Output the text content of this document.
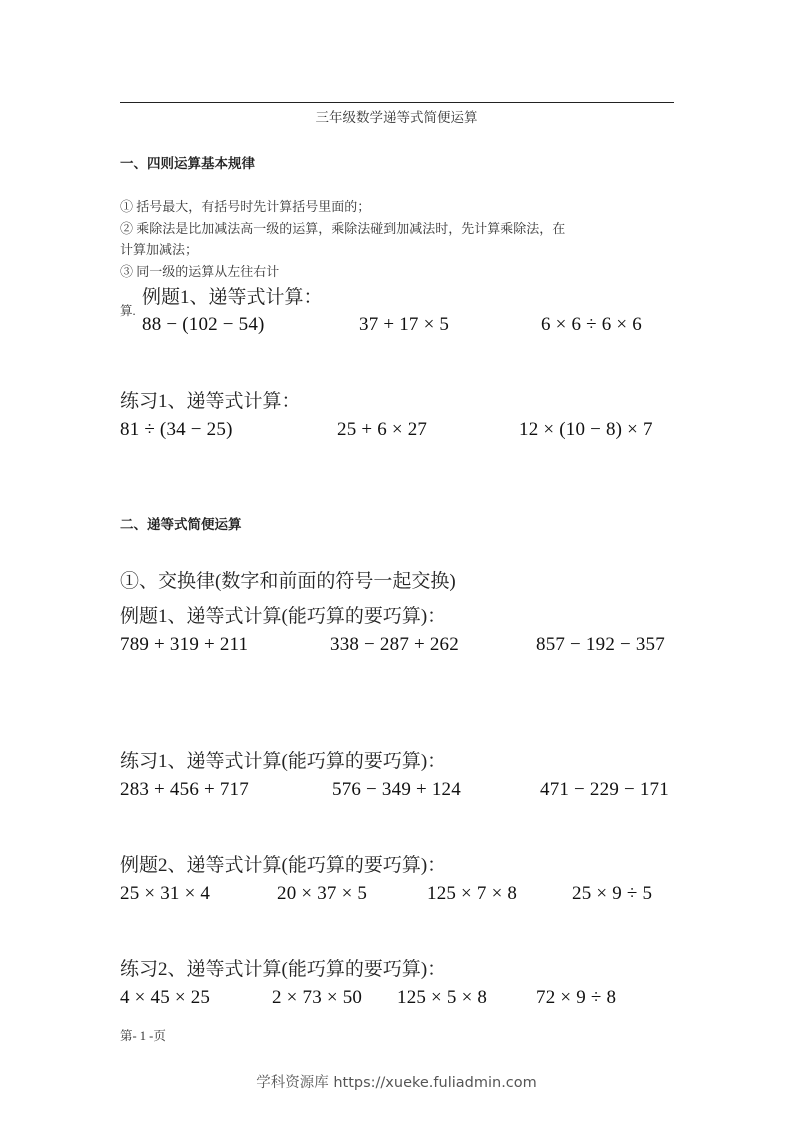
三年级数学递等式简便运算
一、四则运算基本规律
① 括号最大，有括号时先计算括号里面的；
② 乘除法是比加减法高一级的运算，乘除法碰到加减法时，先计算乘除法，在
计算加减法；
③ 同一级的运算从左往右计
例题1、递等式计算：
算.
88 − (102 − 54)	37 + 17 × 5	6 × 6 ÷ 6 × 6
练习1、递等式计算：
81 ÷ (34 − 25)	25 + 6 × 27	12 × (10 − 8) × 7
二、递等式简便运算
①、交换律(数字和前面的符号一起交换)
例题1、递等式计算(能巧算的要巧算)：
789 + 319 + 211	338 − 287 + 262	857 − 192 − 357
练习1、递等式计算(能巧算的要巧算)：
283 + 456 + 717	576 − 349 + 124	471 − 229 − 171
例题2、递等式计算(能巧算的要巧算)：
25 × 31 × 4	20 × 37 × 5	125 × 7 × 8	25 × 9 ÷ 5
练习2、递等式计算(能巧算的要巧算)：
4 × 45 × 25	2 × 73 × 50 125 × 5 × 8	72 × 9 ÷ 8
第- 1 -页
学科资源库 https://xueke.fuliadmin.com
